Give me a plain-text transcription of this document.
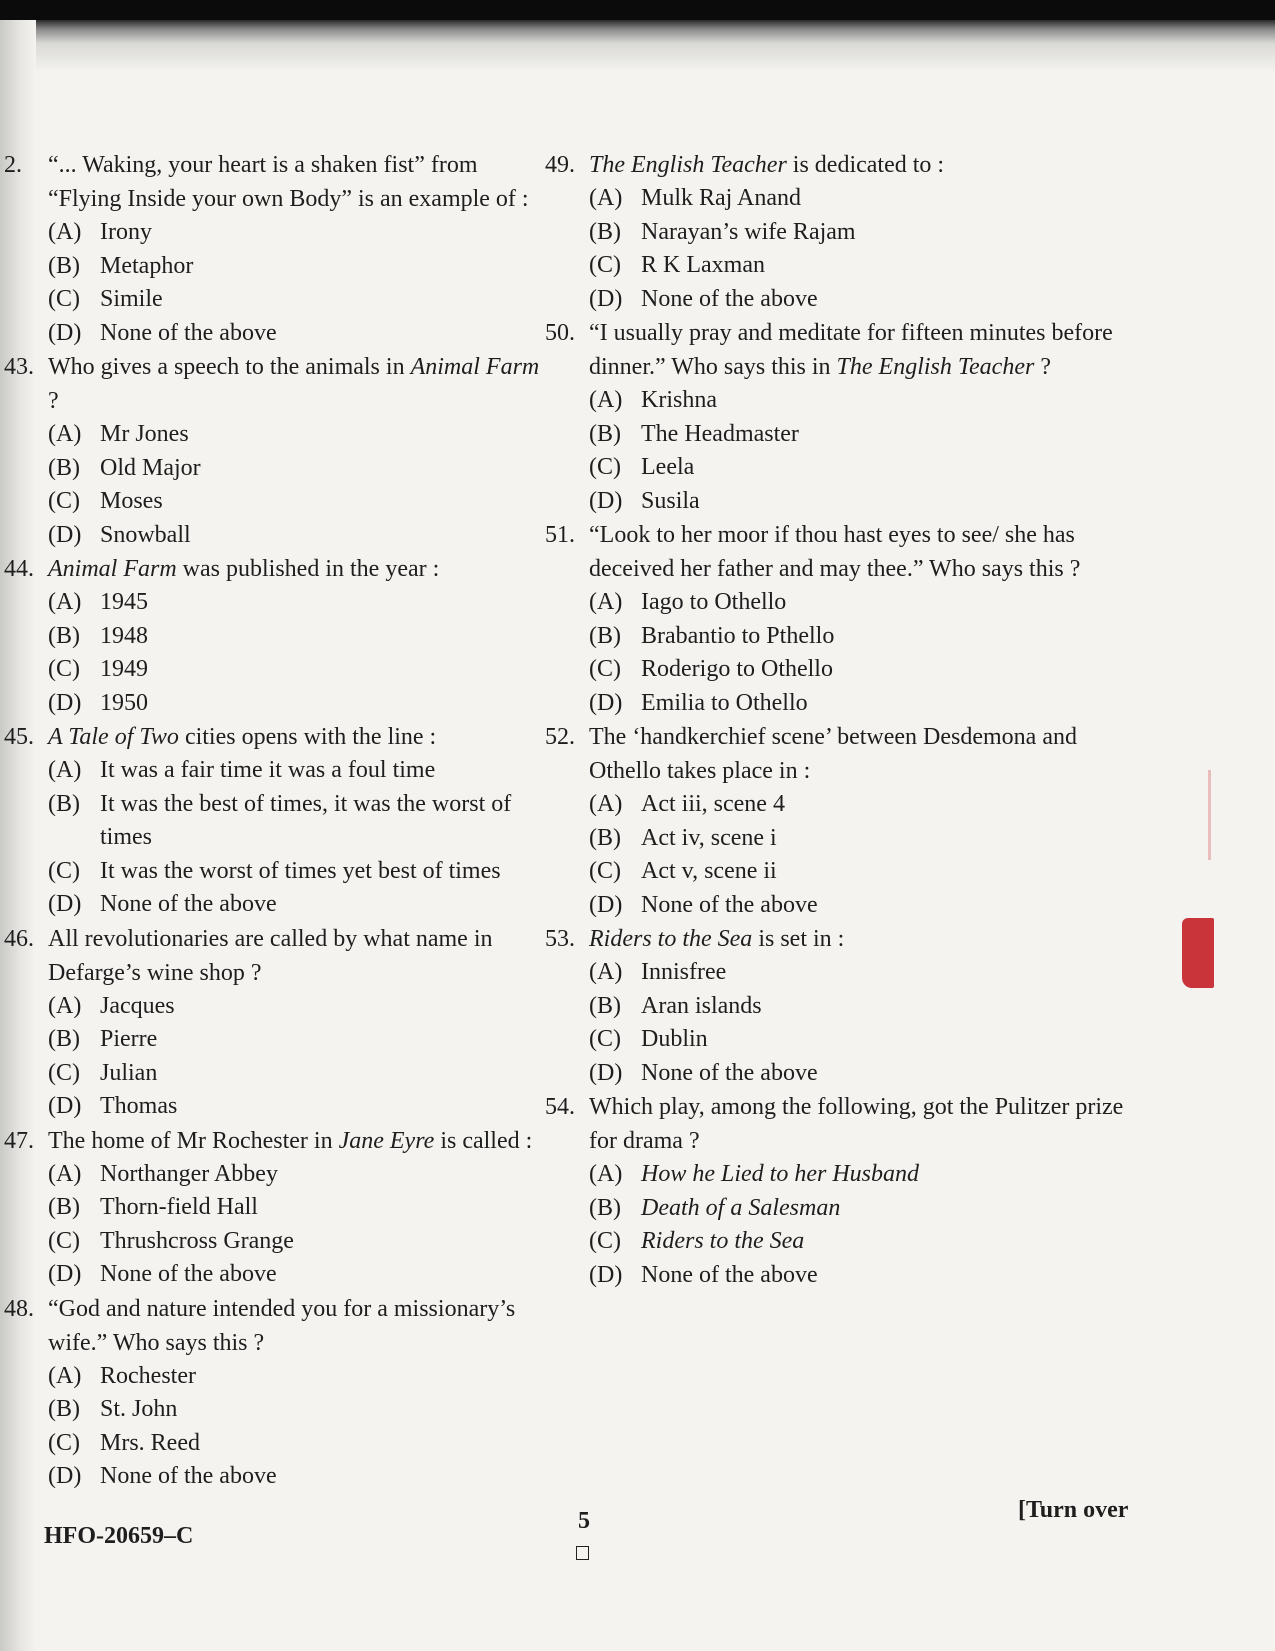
2.	“... Waking, your heart is a shaken fist” from “Flying Inside your own Body” is an example of :
(A) Irony
(B) Metaphor
(C) Simile
(D) None of the above
43. Who gives a speech to the animals in Animal Farm ?
(A) Mr Jones
(B) Old Major
(C) Moses
(D) Snowball
44. Animal Farm was published in the year :
(A) 1945
(B) 1948
(C) 1949
(D) 1950
45. A Tale of Two cities opens with the line :
(A) It was a fair time it was a foul time
(B) It was the best of times, it was the worst of times
(C) It was the worst of times yet best of times
(D) None of the above
46. All revolutionaries are called by what name in Defarge’s wine shop ?
(A) Jacques
(B) Pierre
(C) Julian
(D) Thomas
47. The home of Mr Rochester in Jane Eyre is called :
(A) Northanger Abbey
(B) Thorn-field Hall
(C) Thrushcross Grange
(D) None of the above
48. “God and nature intended you for a missionary’s wife.” Who says this ?
(A) Rochester
(B) St. John
(C) Mrs. Reed
(D) None of the above
49. The English Teacher is dedicated to :
(A) Mulk Raj Anand
(B) Narayan’s wife Rajam
(C) R K Laxman
(D) None of the above
50. “I usually pray and meditate for fifteen minutes before dinner.” Who says this in The English Teacher ?
(A) Krishna
(B) The Headmaster
(C) Leela
(D) Susila
51. “Look to her moor if thou hast eyes to see/ she has deceived her father and may thee.” Who says this ?
(A) Iago to Othello
(B) Brabantio to Pthello
(C) Roderigo to Othello
(D) Emilia to Othello
52. The ‘handkerchief scene’ between Desdemona and Othello takes place in :
(A) Act iii, scene 4
(B) Act iv, scene i
(C) Act v, scene ii
(D) None of the above
53. Riders to the Sea is set in :
(A) Innisfree
(B) Aran islands
(C) Dublin
(D) None of the above
54. Which play, among the following, got the Pulitzer prize for drama ?
(A) How he Lied to her Husband
(B) Death of a Salesman
(C) Riders to the Sea
(D) None of the above
HFO-20659–C
5	[Turn over
